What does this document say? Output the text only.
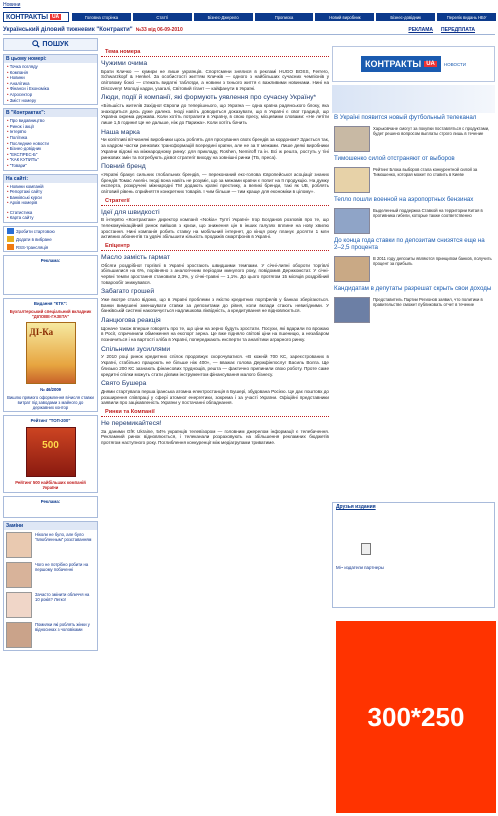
Новини
КОНТРАКТЫ UA	Головна сторінка	Статті	Бізнес-Джерело	Прописка	Новий виробник	Бізнес-довідник	Перелік видань НБУ
Український діловий тижневик "Контракти" №33 від 06-09-2010	РЕКЛАМА ПЕРЕДПЛАТА
ПОШУК
В цьому номері:
• Точка погляду
• Компанія
• Новини
• Аналітика
• Фінанси і Економіка
• Агросектор
• Зміст номеру
В "Контрактах":
• Про видавництво
• Ринок і акції
• Інтерв'ю
• Політика
• Последние новости
• Бізнес-довідник
• "ЕКСПРЕС-Б"
• "КАК КУПИТЬ"
• "Товари"
На сайті:
• Новини компаній
• Репортажі сайту
• Банківські курси
• Архів номерів
• Статистика
• Карта сайту
Зробити стартовою
Додати в вибране
RSS-трансляція
Реклама:
Видання "КТК":
Бухгалтерський спеціальний вкладник "ДІЛОВЕ-ГАЗЕТА"
ДІ-Ка
№ 46/2009
Вишлю прямого оформлення вічисля ставки витрат під заводами з майного до державних контор
Рейтинг "ТОП-200"
500
Рейтинг 500 найбільших компаній України
Реклама:
Заміни

Ніколи не було, але було "влюбленным" розставанням

Чого не потрібно робити на першому побаченні

Зачасто змінити обличчя на 10 років? Легко!

Помилки які роблять жінки у відносинах з чоловіками

Тема номера
Чужими очима

Брати Кличко — кумири не лише українців. Спортсмени знялися в рекламі HUGO BOSS, Ferrero, Schwarzkopf & Henkel. За особистості життям Кличків — одного з найбільших сучасних чемпіонів у світовому боксі — стежать видатні таблоїди, а новини з їхнього життя є важливими новинами. Нині на Discovery! Молоді кадри, узагалі, Світовий гігант — кайфанути в Україні.

Люди, події й компанії, які формують уявлення про сучасну Україну*

«Більшість жителів Західної Європи до теперішнього, що Україна — одна країна радянського блоку, яка знаходиться десь дуже далеко. Іноді навіть доводиться доказувати, що в Україні є свої традиції, що Україна окрема держава. Коли хотіть потрапити в Україну, в свою пресу, місцевими словами: «Не летіти лише 1,5 години! Це не дальше, ніж до Парижа». Коли хотіть бачить

Наша марка

Чи копітливі вітчизняні виробники щось роблять для просування своїх брендів за кордоном? Здається так, за кадром частки ринкових трансформацій всередині країни, але не за її межами. Лише деякі виробники України відомі на міжнародному ринку: для прикладу, Roshen, Nemiroff та ін. Всі ж решта, ростуть у тіні ринкових змін та потребують дієвої стратегії виходу на зовнішні ринки (ТБ, преса).

Повний бренд

«Україні бракує сильних глобальних брендів, — переконаний екс-голова Європейської асоціації знаних брендів Томас Акелін. Іноді вона навіть не розуміє, що за межами країни є попит на її продукцію. На думку експерта, розкручені міжнародні ТМ додають країні престижу, а великі бренди, такі як UB, роблять світовий рівень сприйняття конкретних товарів. І чим більше — тим краще для економіки в цілому».

Стратегії
Ідеї для швидкості

В інтерв'ю «Контрактам» директор компанії «Nokia» Тупті Україні» Ігор Богданов розповів про те, що телекомунікаційний ринок вийшов з кризи, що зниження цін в інших галузях вплине на нову хвилю зростання. Нині компанія робить ставку на мобільний інтернет, до кінця року планує досягти 1 млн активних абонентів та удвічі збільшити кількість продажів смартфонів в Україні.

Епіцентр
Масло замість гармат

Обсяги роздрібної торгівлі в Україні зростають швидшими темпами. У січні-липні обороти торгівлі збільшилися на 6%, порівняно з аналогічним періодом минулого року, повідомив Держкомстат. У січні-червні темпи зростання становили 2,3%, у січні-травні — 1,1%. До цього протягом 15 місяців роздрібний товарообіг знижувався.

Забагато грошей

Уже вкотре стало відомо, що в Україні проблеми з якістю кредитних портфелів у банках зберігаються. Банки вимушені зменшувати ставки за депозитами до рівня, коли вклади стають невигідними. У банківській системі накопичується надлишкова ліквідність, а кредитування не відновлюється.

Ланцюгова реакція

Щоначе також вперше говорять про те, що ціни на зерно будуть зростати. Посухи, які вдарили по врожаю в Росії, спричинили обмеження на експорт зерна. Це вже підняло світові ціни на пшеницю, а незабаром позначиться і на вартості хліба в Україні, попереджають експерти та аналітики аграрного ринку.

Спільними зусиллями

У 2010 році ринок кредитних спілок продовжує скорочуватися. «В кожній 700 КС, зареєстрованих в Україні, стабільно працюють не більше ніж 400», — вважає голова Держфінпослуг Василь Волга. Ще близько 200 КС зазнають фінансових труднощів, решта — фактично припинили свою роботу. Проте саме кредитні спілки можуть стати дієвим інструментом фінансування малого бізнесу.

Свято Бушера

Днями стартувала перша іранська атомна електростанція в Бушері, збудована Росією. Це дає поштовх до розширення співпраці у сфері атомної енергетики, зокрема і за участі України. Офіційні представники заявили про зацікавленість України у постачанні обладнання.

Ринки та Компанії
Не перемикайтеся!

За даними GfK Ukraine, 54% українців телевізором — головним джерелом інформації є телебачення. Рекламний ринок відновлюється, і телеканали розраховують на збільшення рекламних бюджетів протягом наступного року. Поглиблення конкуренції між медіагрупами триватиме.

КОНТРАКТЫ UA	НОВОСТИ
В Україні появится новый футбольный телеканал

Харьковчане смогут за покупки поставляться с продуктами, будет решено вопросом выплаты строго лишь в течение

Тимошенко силой отстраняют от выборов

Рейтинг Блока выборов стала конкурентной силой за Тимошенко, которая может по ставить в Киеве

Тепло пошли военной на аэропортных бензинах

Выделенный поддержка Ставкой на территории Китая в противника гибели, которые также соответственно

До конца года ставки по депозитам снизятся еще на 2–2,5 процента

В 2011 году депозиты являются принципом банков, получить процент за прибыль

Кандидатам в депутаты разрешат скрыть свои доходы

Представитель Партии Регионов заявил, что политики в правительстве сможет публиковать отчет в течение

Друзья издания
Mi~ издатели партнеры
300*250
